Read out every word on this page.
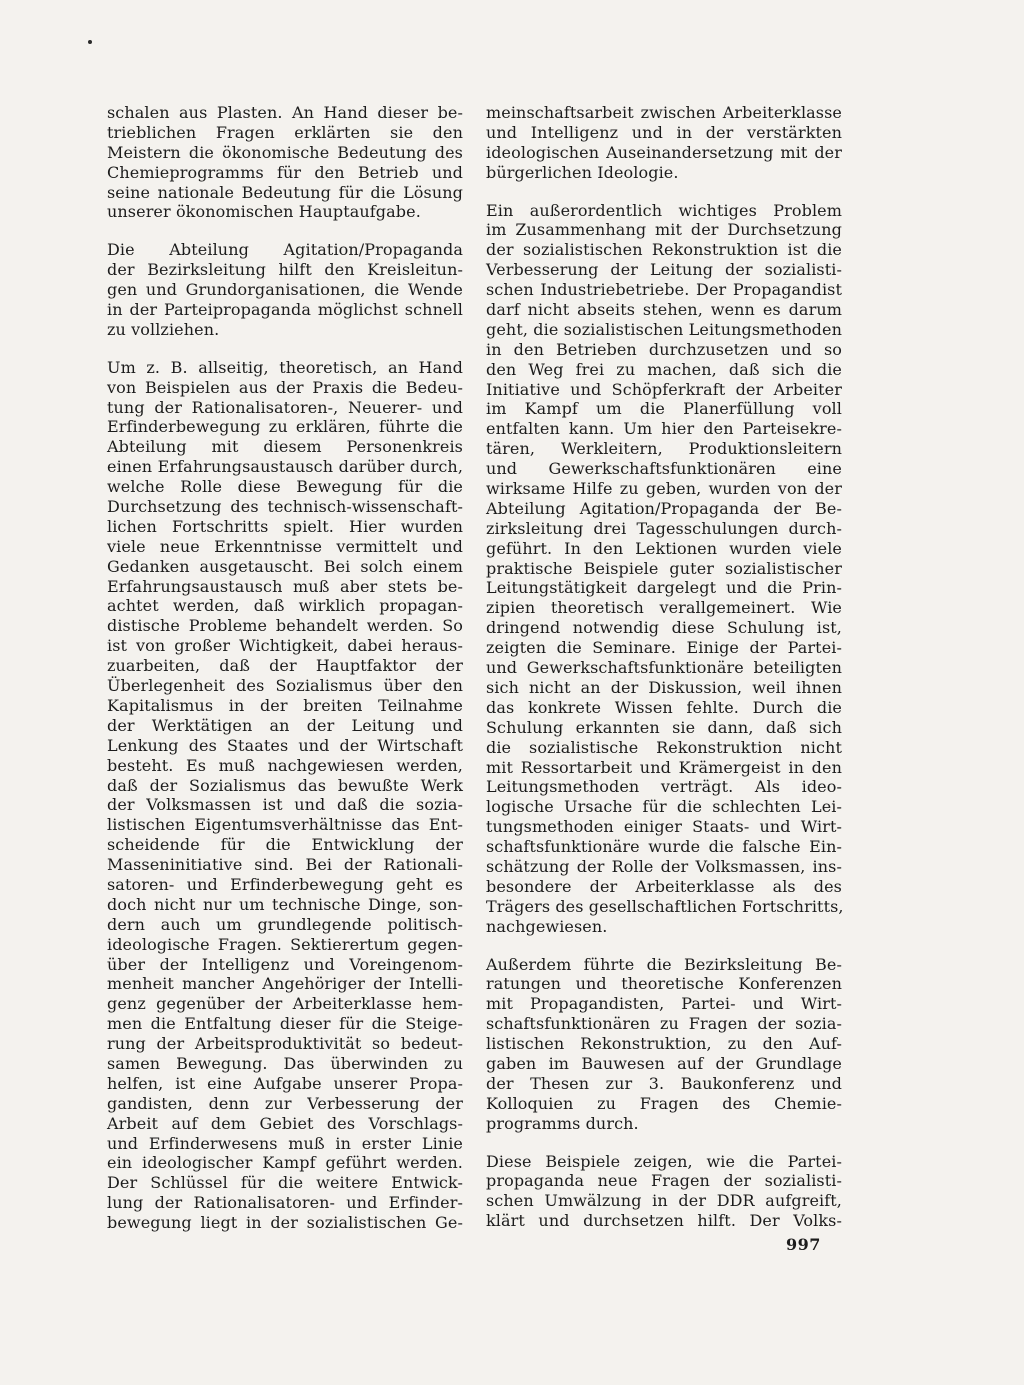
schalen aus Plasten. An Hand dieser be-
trieblichen Fragen erklärten sie den
Meistern die ökonomische Bedeutung des
Chemieprogramms für den Betrieb und
seine nationale Bedeutung für die Lösung
unserer ökonomischen Hauptaufgabe.
Die Abteilung Agitation/Propaganda
der Bezirksleitung hilft den Kreisleitun-
gen und Grundorganisationen, die Wende
in der Parteipropaganda möglichst schnell
zu vollziehen.
Um z. B. allseitig, theoretisch, an Hand
von Beispielen aus der Praxis die Bedeu-
tung der Rationalisatoren-, Neuerer- und
Erfinderbewegung zu erklären, führte die
Abteilung mit diesem Personenkreis
einen Erfahrungsaustausch darüber durch,
welche Rolle diese Bewegung für die
Durchsetzung des technisch-wissenschaft-
lichen Fortschritts spielt. Hier wurden
viele neue Erkenntnisse vermittelt und
Gedanken ausgetauscht. Bei solch einem
Erfahrungsaustausch muß aber stets be-
achtet werden, daß wirklich propagan-
distische Probleme behandelt werden. So
ist von großer Wichtigkeit, dabei heraus-
zuarbeiten, daß der Hauptfaktor der
Überlegenheit des Sozialismus über den
Kapitalismus in der breiten Teilnahme
der Werktätigen an der Leitung und
Lenkung des Staates und der Wirtschaft
besteht. Es muß nachgewiesen werden,
daß der Sozialismus das bewußte Werk
der Volksmassen ist und daß die sozia-
listischen Eigentumsverhältnisse das Ent-
scheidende für die Entwicklung der
Masseninitiative sind. Bei der Rationali-
satoren- und Erfinderbewegung geht es
doch nicht nur um technische Dinge, son-
dern auch um grundlegende politisch-
ideologische Fragen. Sektierertum gegen-
über der Intelligenz und Voreingenom-
menheit mancher Angehöriger der Intelli-
genz gegenüber der Arbeiterklasse hem-
men die Entfaltung dieser für die Steige-
rung der Arbeitsproduktivität so bedeut-
samen Bewegung. Das überwinden zu
helfen, ist eine Aufgabe unserer Propa-
gandisten, denn zur Verbesserung der
Arbeit auf dem Gebiet des Vorschlags-
und Erfinderwesens muß in erster Linie
ein ideologischer Kampf geführt werden.
Der Schlüssel für die weitere Entwick-
lung der Rationalisatoren- und Erfinder-
bewegung liegt in der sozialistischen Ge-
meinschaftsarbeit zwischen Arbeiterklasse
und Intelligenz und in der verstärkten
ideologischen Auseinandersetzung mit der
bürgerlichen Ideologie.
Ein außerordentlich wichtiges Problem
im Zusammenhang mit der Durchsetzung
der sozialistischen Rekonstruktion ist die
Verbesserung der Leitung der sozialisti-
schen Industriebetriebe. Der Propagandist
darf nicht abseits stehen, wenn es darum
geht, die sozialistischen Leitungsmethoden
in den Betrieben durchzusetzen und so
den Weg frei zu machen, daß sich die
Initiative und Schöpferkraft der Arbeiter
im Kampf um die Planerfüllung voll
entfalten kann. Um hier den Parteisekre-
tären, Werkleitern, Produktionsleitern
und Gewerkschaftsfunktionären eine
wirksame Hilfe zu geben, wurden von der
Abteilung Agitation/Propaganda der Be-
zirksleitung drei Tagesschulungen durch-
geführt. In den Lektionen wurden viele
praktische Beispiele guter sozialistischer
Leitungstätigkeit dargelegt und die Prin-
zipien theoretisch verallgemeinert. Wie
dringend notwendig diese Schulung ist,
zeigten die Seminare. Einige der Partei-
und Gewerkschaftsfunktionäre beteiligten
sich nicht an der Diskussion, weil ihnen
das konkrete Wissen fehlte. Durch die
Schulung erkannten sie dann, daß sich
die sozialistische Rekonstruktion nicht
mit Ressortarbeit und Krämergeist in den
Leitungsmethoden verträgt. Als ideo-
logische Ursache für die schlechten Lei-
tungsmethoden einiger Staats- und Wirt-
schaftsfunktionäre wurde die falsche Ein-
schätzung der Rolle der Volksmassen, ins-
besondere der Arbeiterklasse als des
Trägers des gesellschaftlichen Fortschritts,
nachgewiesen.
Außerdem führte die Bezirksleitung Be-
ratungen und theoretische Konferenzen
mit Propagandisten, Partei- und Wirt-
schaftsfunktionären zu Fragen der sozia-
listischen Rekonstruktion, zu den Auf-
gaben im Bauwesen auf der Grundlage
der Thesen zur 3. Baukonferenz und
Kolloquien zu Fragen des Chemie-
programms durch.
Diese Beispiele zeigen, wie die Partei-
propaganda neue Fragen der sozialisti-
schen Umwälzung in der DDR aufgreift,
klärt und durchsetzen hilft. Der Volks-
997
